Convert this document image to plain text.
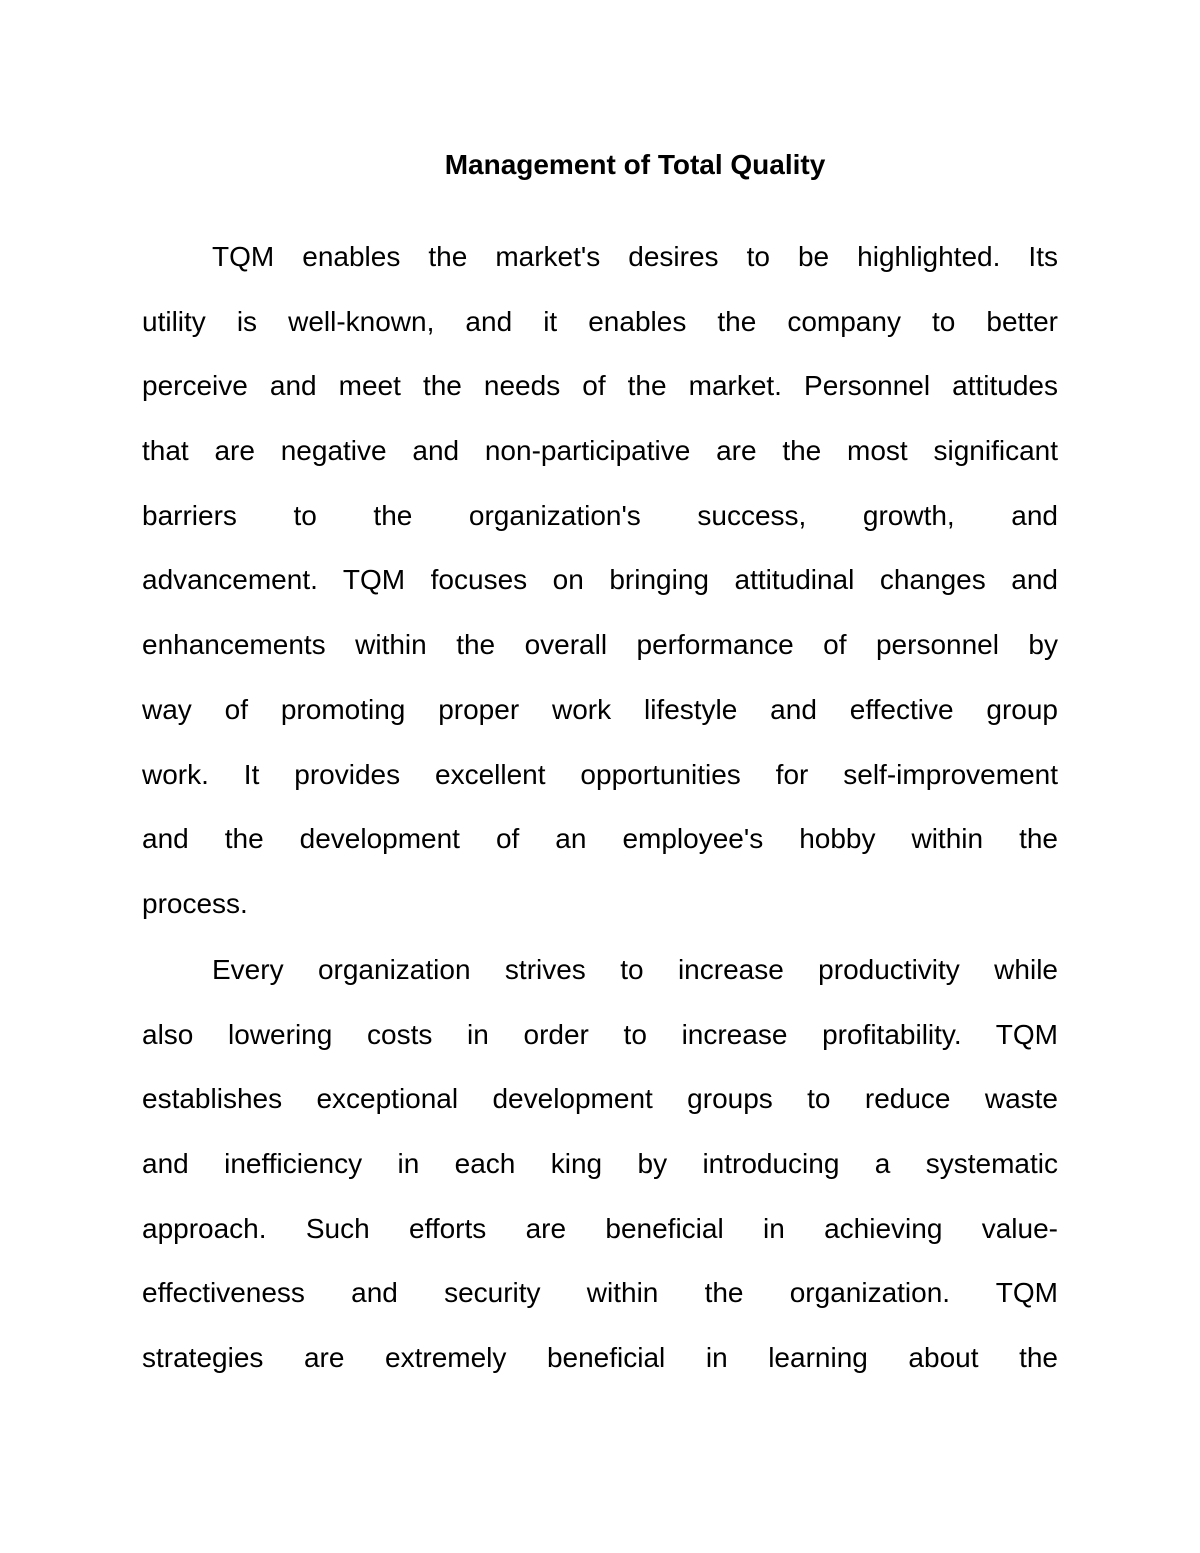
Management of Total Quality
TQM enables the market's desires to be highlighted. Its
utility is well-known, and it enables the company to better
perceive and meet the needs of the market. Personnel attitudes
that are negative and non-participative are the most significant
barriers to the organization's success, growth, and
advancement. TQM focuses on bringing attitudinal changes and
enhancements within the overall performance of personnel by
way of promoting proper work lifestyle and effective group
work. It provides excellent opportunities for self-improvement
and the development of an employee's hobby within the
process.
Every organization strives to increase productivity while
also lowering costs in order to increase profitability. TQM
establishes exceptional development groups to reduce waste
and inefficiency in each king by introducing a systematic
approach. Such efforts are beneficial in achieving value-
effectiveness and security within the organization. TQM
strategies are extremely beneficial in learning about the
